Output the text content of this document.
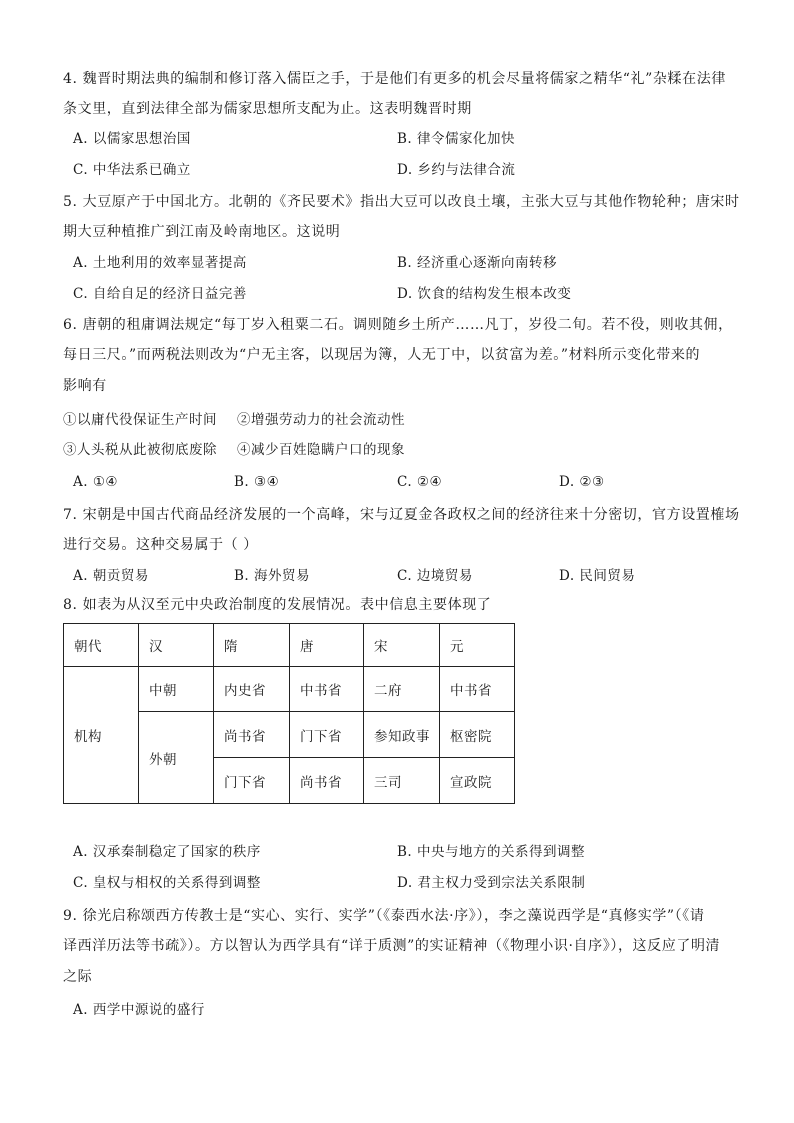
4. 魏晋时期法典的编制和修订落入儒臣之手，于是他们有更多的机会尽量将儒家之精华“礼”杂糅在法律
条文里，直到法律全部为儒家思想所支配为止。这表明魏晋时期
A. 以儒家思想治国	B. 律令儒家化加快
C. 中华法系已确立	D. 乡约与法律合流
5. 大豆原产于中国北方。北朝的《齐民要术》指出大豆可以改良土壤，主张大豆与其他作物轮种；唐宋时
期大豆种植推广到江南及岭南地区。这说明
A. 土地利用的效率显著提高	B. 经济重心逐渐向南转移
C. 自给自足的经济日益完善	D. 饮食的结构发生根本改变
6. 唐朝的租庸调法规定“每丁岁入租粟二石。调则随乡土所产……凡丁，岁役二旬。若不役，则收其佣，
每日三尺。”而两税法则改为“户无主客，以现居为簿，人无丁中，以贫富为差。”材料所示变化带来的
影响有
①以庸代役保证生产时间 ②增强劳动力的社会流动性
③人头税从此被彻底废除 ④减少百姓隐瞒户口的现象
A. ①④	B. ③④	C. ②④	D. ②③
7. 宋朝是中国古代商品经济发展的一个高峰，宋与辽夏金各政权之间的经济往来十分密切，官方设置榷场
进行交易。这种交易属于（ ）
A. 朝贡贸易	B. 海外贸易	C. 边境贸易	D. 民间贸易
8. 如表为从汉至元中央政治制度的发展情况。表中信息主要体现了
朝代	汉	隋	唐	宋	元
机构	中朝	内史省	中书省	二府	中书省
	外朝	尚书省	门下省	参知政事	枢密院
		门下省	尚书省	三司	宣政院
A. 汉承秦制稳定了国家的秩序	B. 中央与地方的关系得到调整
C. 皇权与相权的关系得到调整	D. 君主权力受到宗法关系限制
9. 徐光启称颂西方传教士是“实心、实行、实学”（《泰西水法·序》），李之藻说西学是“真修实学”（《请
译西洋历法等书疏》）。方以智认为西学具有“详于质测”的实证精神（《物理小识·自序》），这反应了明清
之际
A. 西学中源说的盛行
